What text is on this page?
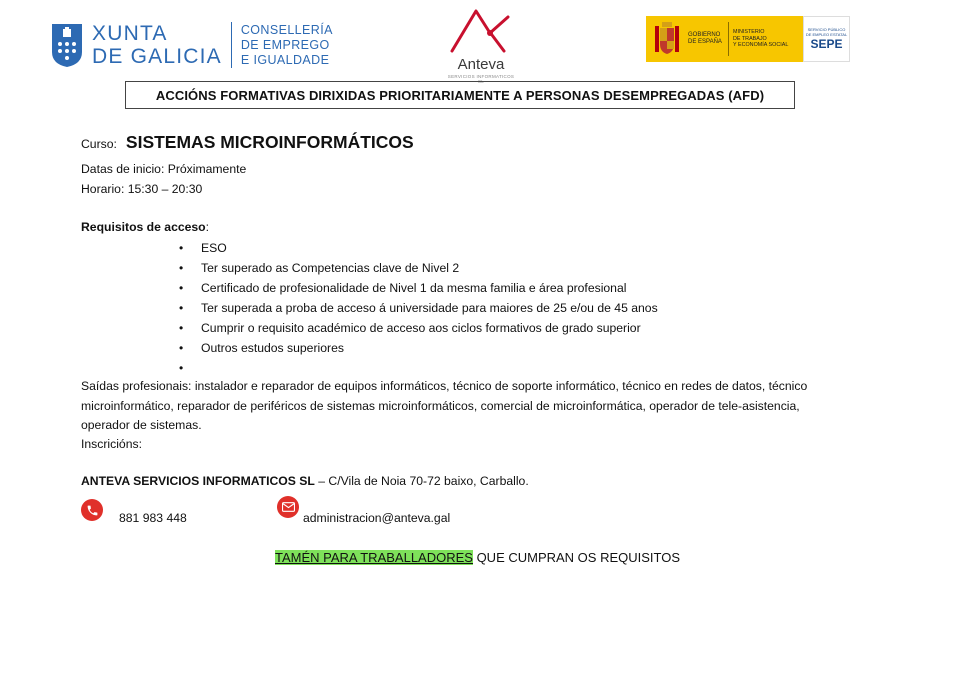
XUNTA
DE GALICIA
CONSELLERÍA
DE EMPREGO
E IGUALDADE	Anteva
SERVICIOS INFORMATICOS SL
GOBIERNO
DE ESPAÑA
MINISTERIO
DE TRABAJO
Y ECONOMÍA SOCIAL
SERVICIO PÚBLICO
DE EMPLEO ESTATAL
SEPE
ACCIÓNS FORMATIVAS DIRIXIDAS PRIORITARIAMENTE A PERSONAS DESEMPREGADAS (AFD)
Curso: SISTEMAS MICROINFORMÁTICOS
Datas de inicio: Próximamente
Horario: 15:30 – 20:30
Requisitos de acceso:
• ESO
• Ter superado as Competencias clave de Nivel 2
• Certificado de profesionalidade de Nivel 1 da mesma familia e área profesional
• Ter superada a proba de acceso á universidade para maiores de 25 e/ou de 45 anos
• Cumprir o requisito académico de acceso aos ciclos formativos de grado superior
• Outros estudos superiores
•
Saídas profesionais: instalador e reparador de equipos informáticos, técnico de soporte informático, técnico en redes de datos, técnico
microinformático, reparador de periféricos de sistemas microinformáticos, comercial de microinformática, operador de tele-asistencia,
operador de sistemas.
Inscricións:
ANTEVA SERVICIOS INFORMATICOS SL – C/Vila de Noia 70-72 baixo, Carballo.
881 983 448	administracion@anteva.gal
TAMÉN PARA TRABALLADORES QUE CUMPRAN OS REQUISITOS
